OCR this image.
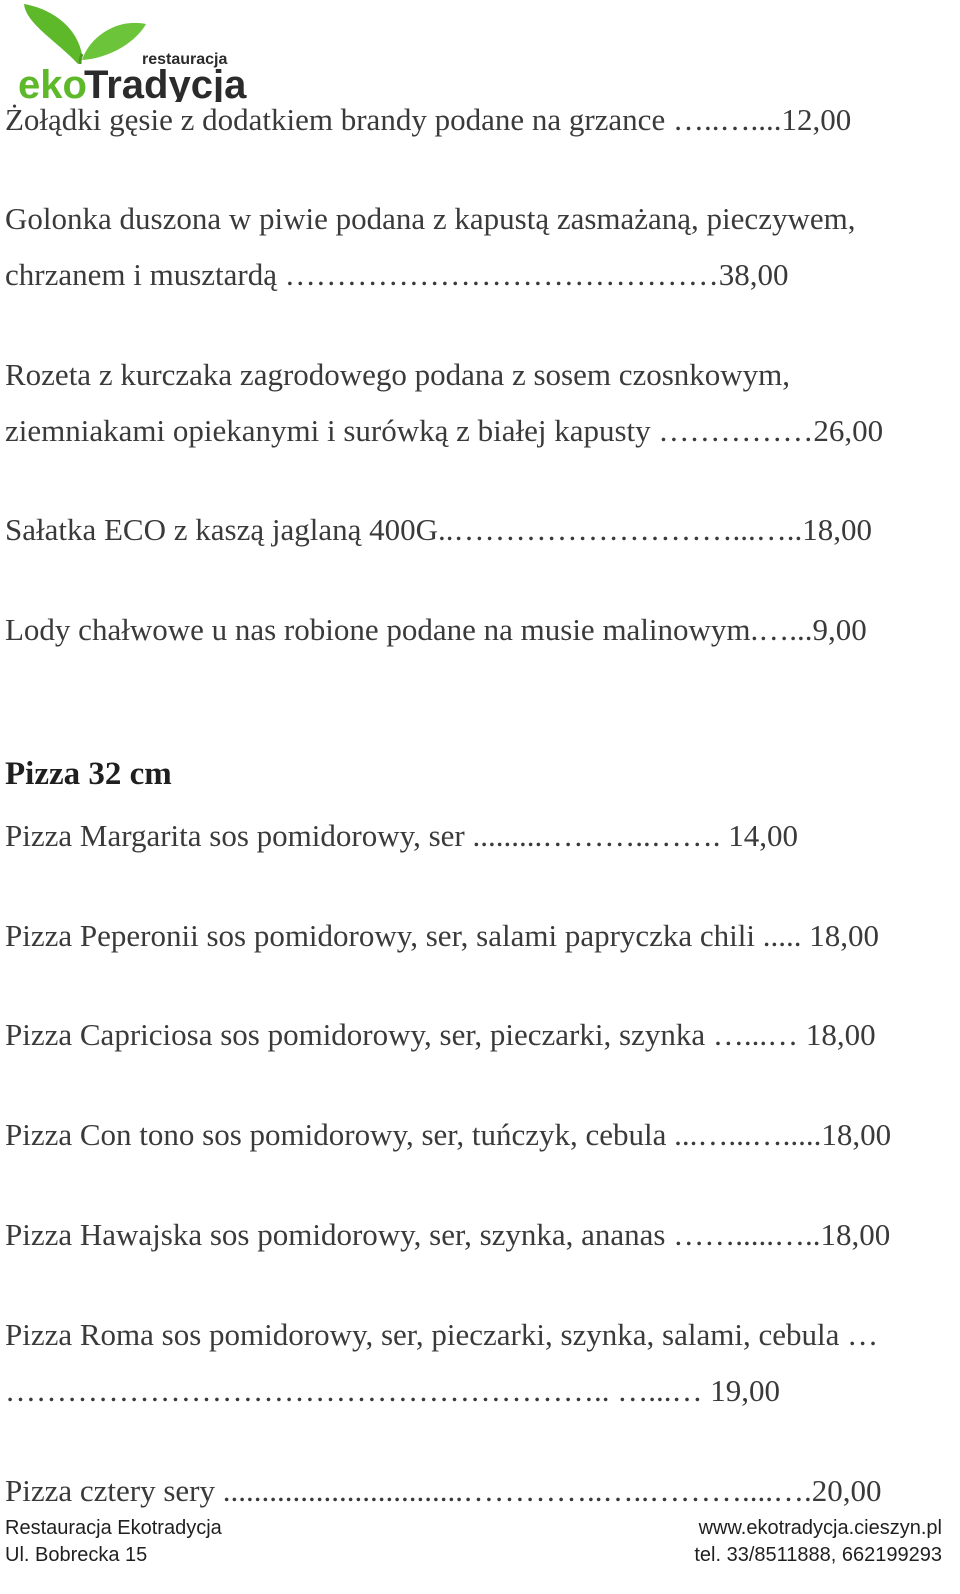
restauracja
eko
Tradycja
Żołądki gęsie z dodatkiem brandy podane na grzance …..…....12,00
Golonka duszona w piwie podana z kapustą zasmażaną, pieczywem,
chrzanem i musztardą ……………………………………38,00
Rozeta z kurczaka zagrodowego podana z sosem czosnkowym,
ziemniakami opiekanymi i surówką z białej kapusty ……………26,00
Sałatka ECO z kaszą jaglaną 400G..………………………...…..18,00
Lody chałwowe u nas robione podane na musie malinowym.…...9,00
Pizza 32 cm
Pizza Margarita sos pomidorowy, ser .........………..……. 14,00
Pizza Peperonii sos pomidorowy, ser, salami papryczka chili ..... 18,00
Pizza Capriciosa sos pomidorowy, ser, pieczarki, szynka …...… 18,00
Pizza Con tono sos pomidorowy, ser, tuńczyk, cebula ...…...….....18,00
Pizza Hawajska sos pomidorowy, ser, szynka, ananas …….....…..18,00
Pizza Roma sos pomidorowy, ser, pieczarki, szynka, salami, cebula …
………………………………………………….. …...… 19,00
Pizza cztery sery ...............................…………..…..………....….20,00
Restauracja Ekotradycja
Ul. Bobrecka 15
www.ekotradycja.cieszyn.pl
tel. 33/8511888, 662199293
